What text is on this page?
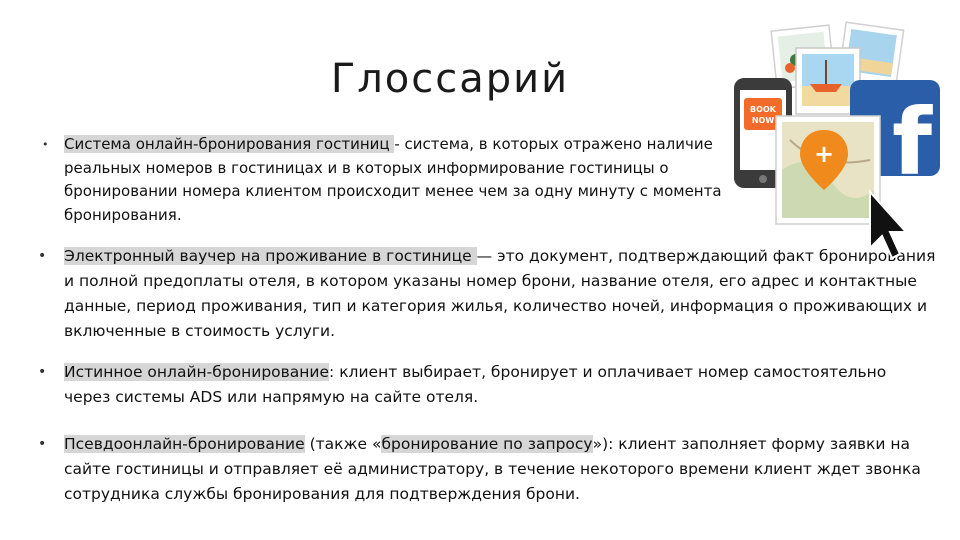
Глоссарий
• Система онлайн-бронирования гостиниц - система, в которых отражено наличие реальных номеров в гостиницах и в которых информирование гостиницы о бронировании номера клиентом происходит менее чем за одну минуту с момента бронирования.

• Электронный ваучер на проживание в гостинице — это документ, подтверждающий факт бронирования и полной предоплаты отеля, в котором указаны номер брони, название отеля, его адрес и контактные данные, период проживания, тип и категория жилья, количество ночей, информация о проживающих и включенные в стоимость услуги.

• Истинное онлайн-бронирование: клиент выбирает, бронирует и оплачивает номер самостоятельно через системы ADS или напрямую на сайте отеля.

• Псевдоонлайн-бронирование (также «бронирование по запросу»): клиент заполняет форму заявки на сайте гостиницы и отправляет её администратору, в течение некоторого времени клиент ждет звонка сотрудника службы бронирования для подтверждения брони.

BOOK
NOW f
+
